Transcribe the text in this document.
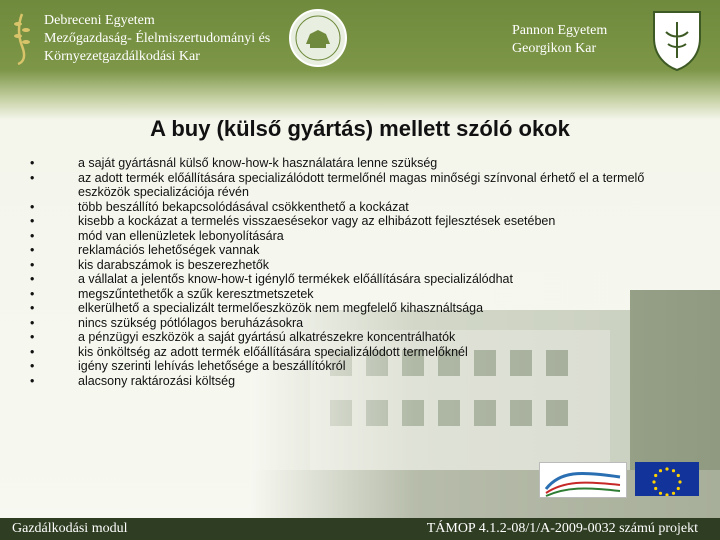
Debreceni Egyetem
Mezőgazdaság- Élelmiszertudományi és
Környezetgazdálkodási Kar
Pannon Egyetem
Georgikon Kar
A buy (külső gyártás) mellett szóló okok
•	a saját gyártásnál külső know-how-k használatára lenne szükség
•	az adott termék előállítására specializálódott termelőnél magas minőségi színvonal érhető el a termelő eszközök specializációja révén
•	több beszállító bekapcsolódásával csökkenthető a kockázat
•	kisebb a kockázat a termelés visszaesésekor vagy az elhibázott fejlesztések esetében
•	mód van ellenüzletek lebonyolítására
•	reklamációs lehetőségek vannak
•	kis darabszámok is beszerezhetők
•	a vállalat a jelentős know-how-t igénylő termékek előállítására specializálódhat
•	megszűntethetők a szűk keresztmetszetek
•	elkerülhető a specializált termelőeszközök nem megfelelő kihasználtsága
•	nincs szükség pótlólagos beruházásokra
•	a pénzügyi eszközök a saját gyártású alkatrészekre koncentrálhatók
•	kis önköltség az adott termék előállítására specializálódott termelőknél
•	igény szerinti lehívás lehetősége a beszállítókról
•	alacsony raktározási költség
Gazdálkodási modul	TÁMOP 4.1.2-08/1/A-2009-0032 számú projekt
